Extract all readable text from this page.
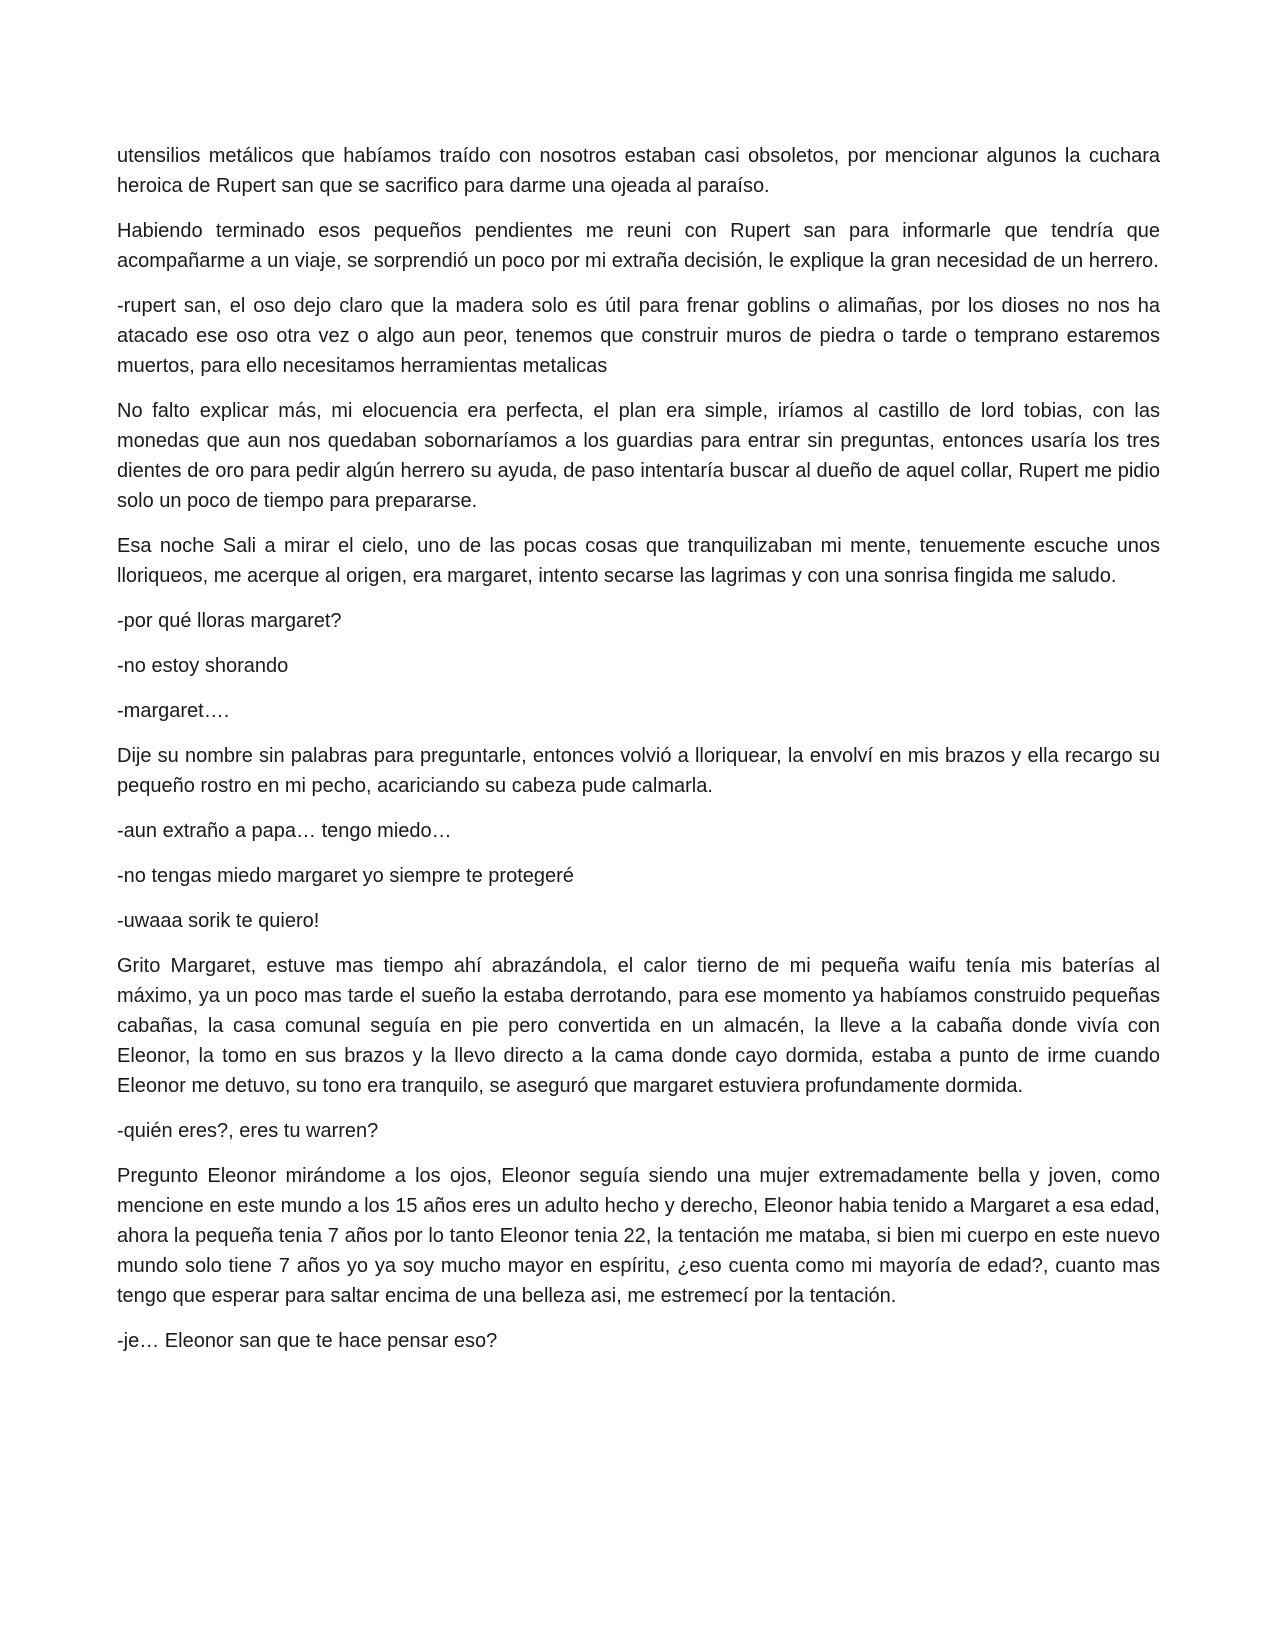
utensilios metálicos que habíamos traído con nosotros estaban casi obsoletos, por mencionar algunos la cuchara heroica de Rupert san que se sacrifico para darme una ojeada al paraíso.

Habiendo terminado esos pequeños pendientes me reuni con Rupert san para informarle que tendría que acompañarme a un viaje, se sorprendió un poco por mi extraña decisión, le explique la gran necesidad de un herrero.

-rupert san, el oso dejo claro que la madera solo es útil para frenar goblins o alimañas, por los dioses no nos ha atacado ese oso otra vez o algo aun peor, tenemos que construir muros de piedra o tarde o temprano estaremos muertos, para ello necesitamos herramientas metalicas

No falto explicar más, mi elocuencia era perfecta, el plan era simple, iríamos al castillo de lord tobias, con las monedas que aun nos quedaban sobornaríamos a los guardias para entrar sin preguntas, entonces usaría los tres dientes de oro para pedir algún herrero su ayuda, de paso intentaría buscar al dueño de aquel collar, Rupert me pidio solo un poco de tiempo para prepararse.

Esa noche Sali a mirar el cielo, uno de las pocas cosas que tranquilizaban mi mente, tenuemente escuche unos lloriqueos, me acerque al origen, era margaret, intento secarse las lagrimas y con una sonrisa fingida me saludo.

-por qué lloras margaret?

-no estoy shorando

-margaret….

Dije su nombre sin palabras para preguntarle, entonces volvió a lloriquear, la envolví en mis brazos y ella recargo su pequeño rostro en mi pecho, acariciando su cabeza pude calmarla.

-aun extraño a papa… tengo miedo…

-no tengas miedo margaret yo siempre te protegeré

-uwaaa sorik te quiero!

Grito Margaret, estuve mas tiempo ahí abrazándola, el calor tierno de mi pequeña waifu tenía mis baterías al máximo, ya un poco mas tarde el sueño la estaba derrotando, para ese momento ya habíamos construido pequeñas cabañas, la casa comunal seguía en pie pero convertida en un almacén, la lleve a la cabaña donde vivía con Eleonor, la tomo en sus brazos y la llevo directo a la cama donde cayo dormida, estaba a punto de irme cuando Eleonor me detuvo, su tono era tranquilo, se aseguró que margaret estuviera profundamente dormida.

-quién eres?, eres tu warren?

Pregunto Eleonor mirándome a los ojos, Eleonor seguía siendo una mujer extremadamente bella y joven, como mencione en este mundo a los 15 años eres un adulto hecho y derecho, Eleonor habia tenido a Margaret a esa edad, ahora la pequeña tenia 7 años por lo tanto Eleonor tenia 22, la tentación me mataba, si bien mi cuerpo en este nuevo mundo solo tiene 7 años yo ya soy mucho mayor en espíritu, ¿eso cuenta como mi mayoría de edad?, cuanto mas tengo que esperar para saltar encima de una belleza asi, me estremecí por la tentación.

-je… Eleonor san que te hace pensar eso?
